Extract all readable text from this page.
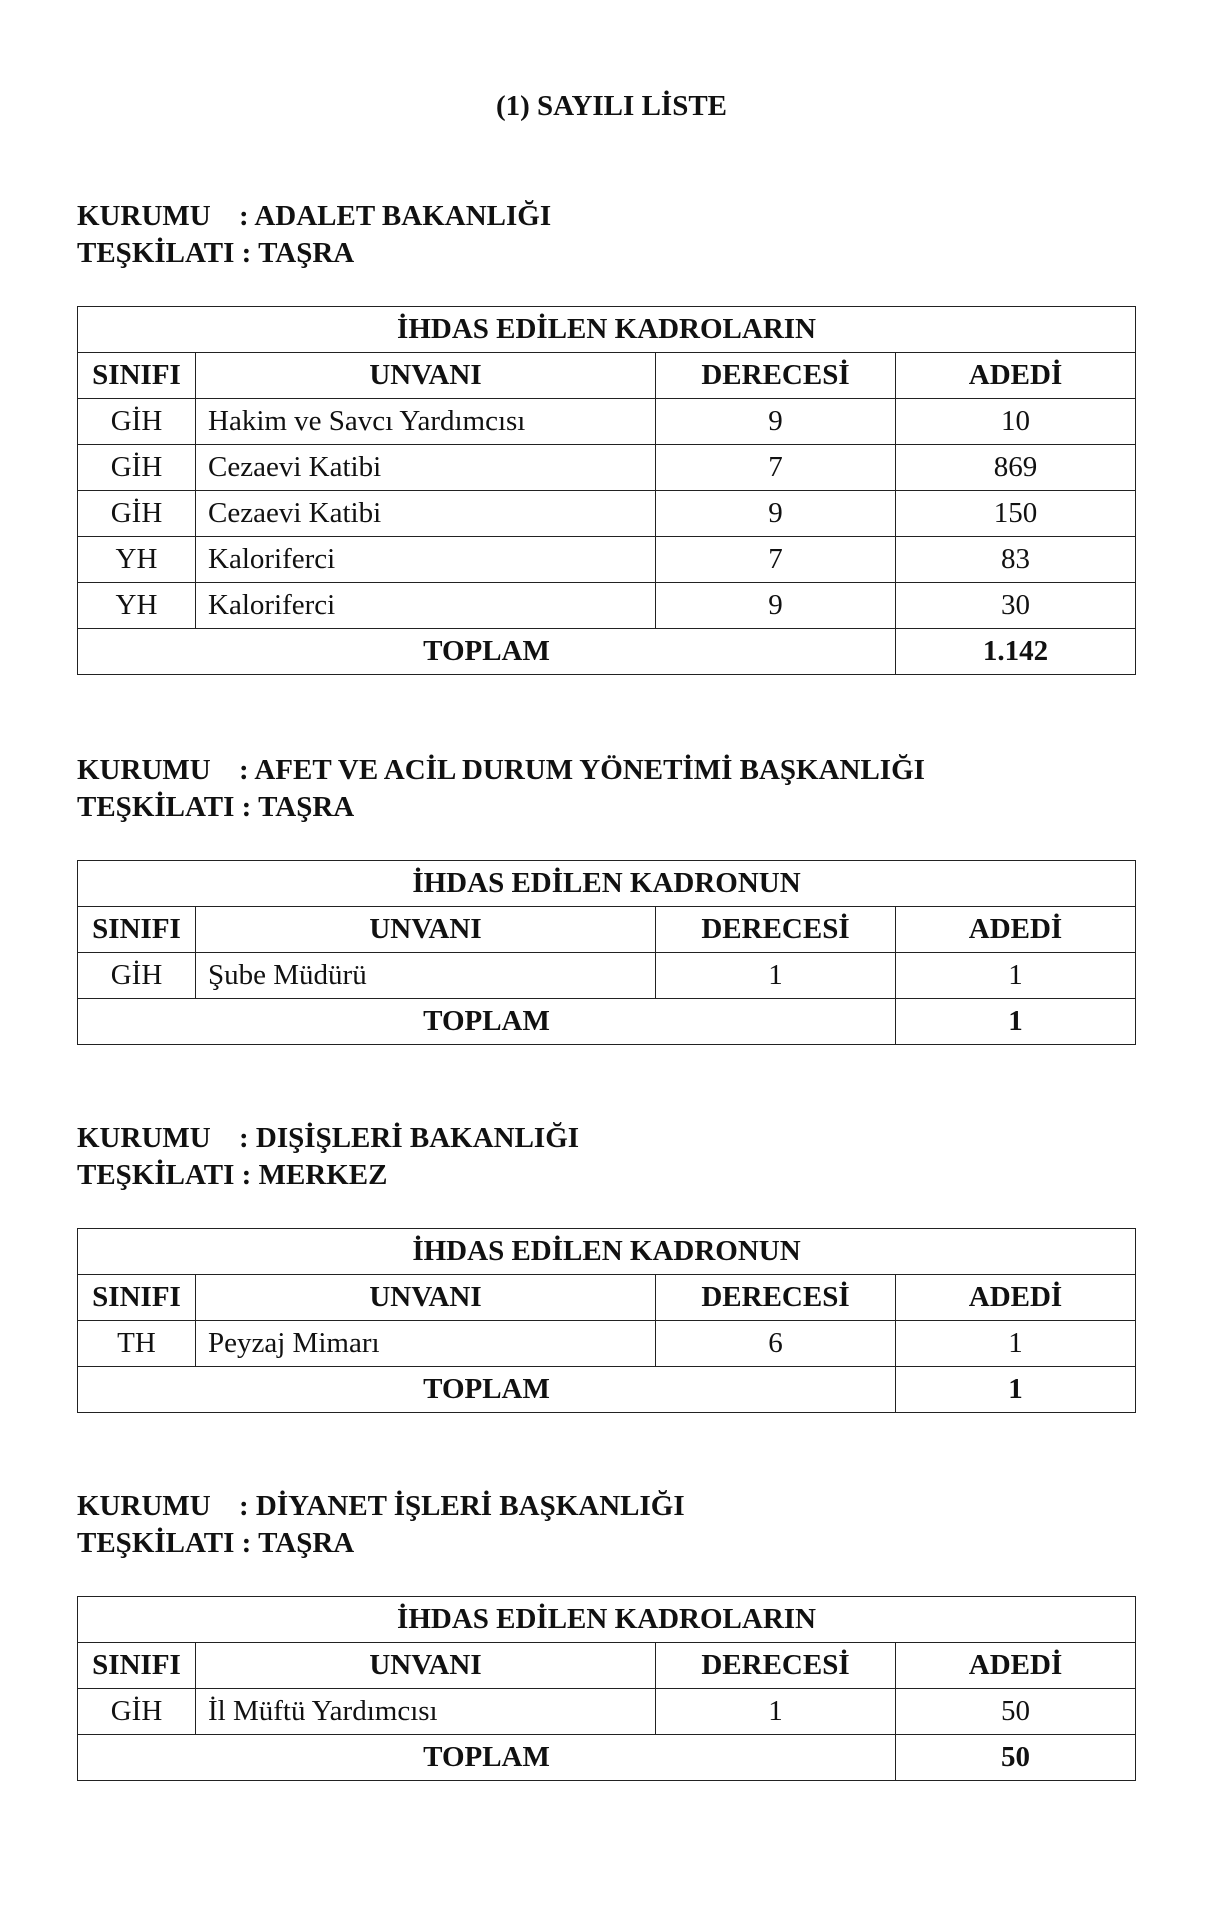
(1) SAYILI LİSTE
KURUMU : ADALET BAKANLIĞI
TEŞKİLATI : TAŞRA
İHDAS EDİLEN KADROLARIN			
SINIFI	UNVANI	DERECESİ	ADEDİ
GİH	Hakim ve Savcı Yardımcısı	9	10
GİH	Cezaevi Katibi	7	869
GİH	Cezaevi Katibi	9	150
YH	Kaloriferci	7	83
YH	Kaloriferci	9	30
TOPLAM			1.142
KURUMU : AFET VE ACİL DURUM YÖNETİMİ BAŞKANLIĞI
TEŞKİLATI : TAŞRA
İHDAS EDİLEN KADRONUN			
SINIFI	UNVANI	DERECESİ	ADEDİ
GİH	Şube Müdürü	1	1
TOPLAM			1
KURUMU : DIŞİŞLERİ BAKANLIĞI
TEŞKİLATI : MERKEZ
İHDAS EDİLEN KADRONUN			
SINIFI	UNVANI	DERECESİ	ADEDİ
TH	Peyzaj Mimarı	6	1
TOPLAM			1
KURUMU : DİYANET İŞLERİ BAŞKANLIĞI
TEŞKİLATI : TAŞRA
İHDAS EDİLEN KADROLARIN			
SINIFI	UNVANI	DERECESİ	ADEDİ
GİH	İl Müftü Yardımcısı	1	50
TOPLAM			50
